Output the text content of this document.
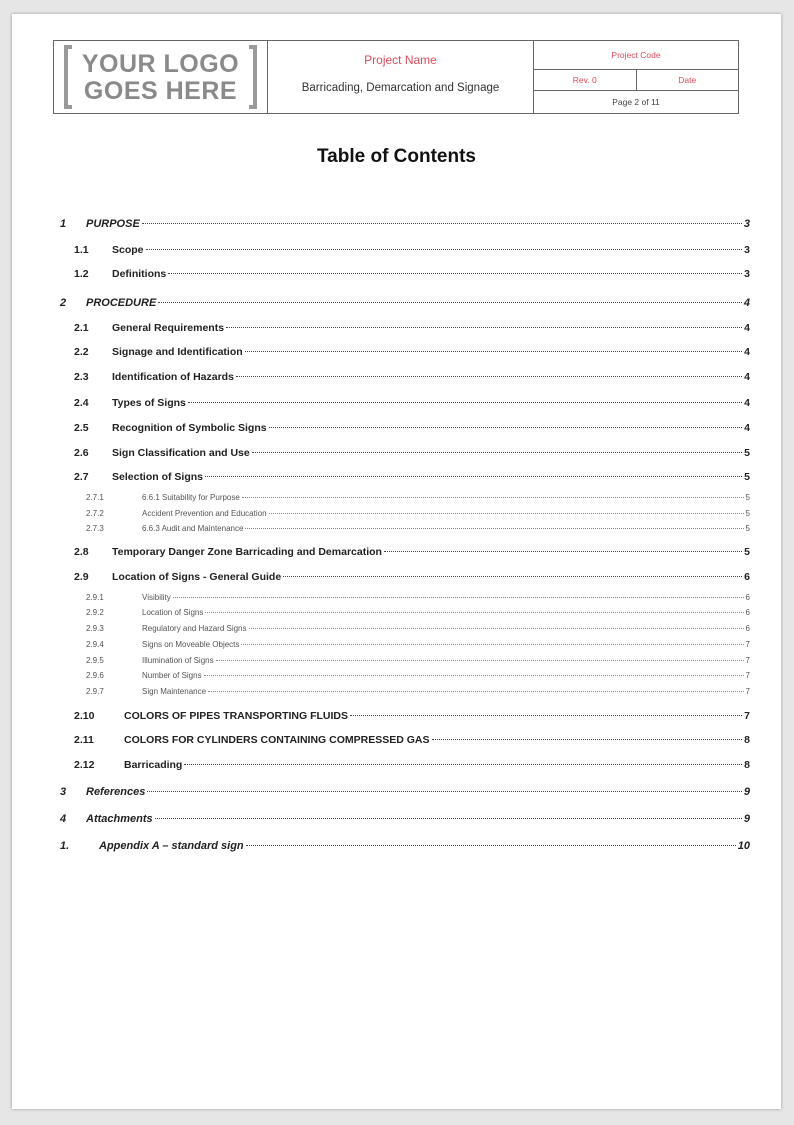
YOUR LOGO
GOES HERE
Project Name
Barricading, Demarcation and Signage
Project Code
Rev. 0	Date
Page 2 of 11
Table of Contents
1	PURPOSE	3
1.1	Scope	3
1.2	Definitions	3
2	PROCEDURE	4
2.1	General Requirements	4
2.2	Signage and Identification	4
2.3	Identification of Hazards	4
2.4	Types of Signs	4
2.5	Recognition of Symbolic Signs	4
2.6	Sign Classification and Use	5
2.7	Selection of Signs	5
2.7.1	6.6.1 Suitability for Purpose	5
2.7.2	Accident Prevention and Education	5
2.7.3	6.6.3 Audit and Maintenance	5
2.8	Temporary Danger Zone Barricading and Demarcation	5
2.9	Location of Signs - General Guide	6
2.9.1	Visibility	6
2.9.2	Location of Signs	6
2.9.3	Regulatory and Hazard Signs	6
2.9.4	Signs on Moveable Objects	7
2.9.5	Illumination of Signs	7
2.9.6	Number of Signs	7
2.9.7	Sign Maintenance	7
2.10	COLORS OF PIPES TRANSPORTING FLUIDS	7
2.11	COLORS FOR CYLINDERS CONTAINING COMPRESSED GAS	8
2.12	Barricading	8
3	References	9
4	Attachments	9
1.	Appendix A – standard sign	10
